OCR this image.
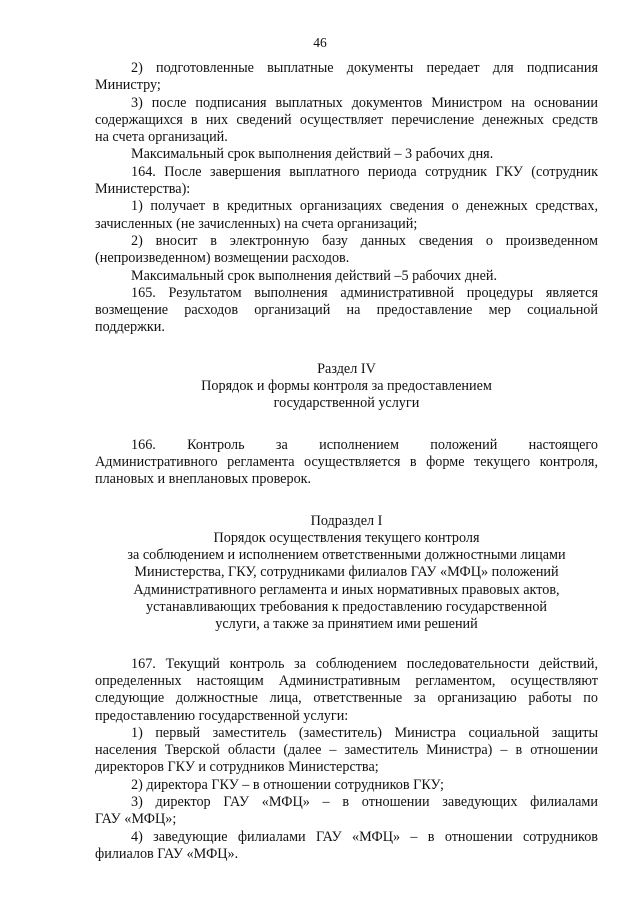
46
2) подготовленные выплатные документы передает для подписания
Министру;
3) после подписания выплатных документов Министром на основании
содержащихся в них сведений осуществляет перечисление денежных средств
на счета организаций.
Максимальный срок выполнения действий – 3 рабочих дня.
164. После завершения выплатного периода сотрудник ГКУ (сотрудник
Министерства):
1) получает в кредитных организациях сведения о денежных средствах,
зачисленных (не зачисленных) на счета организаций;
2) вносит в электронную базу данных сведения о произведенном
(непроизведенном) возмещении расходов.
Максимальный срок выполнения действий –5 рабочих дней.
165. Результатом выполнения административной процедуры является
возмещение расходов организаций на предоставление мер социальной
поддержки.
Раздел IV
Порядок и формы контроля за предоставлением
государственной услуги
166. Контроль за исполнением положений настоящего
Административного регламента осуществляется в форме текущего контроля,
плановых и внеплановых проверок.
Подраздел I
Порядок осуществления текущего контроля
за соблюдением и исполнением ответственными должностными лицами
Министерства, ГКУ, сотрудниками филиалов ГАУ «МФЦ» положений
Административного регламента и иных нормативных правовых актов,
устанавливающих требования к предоставлению государственной
услуги, а также за принятием ими решений
167. Текущий контроль за соблюдением последовательности действий,
определенных настоящим Административным регламентом, осуществляют
следующие должностные лица, ответственные за организацию работы по
предоставлению государственной услуги:
1) первый заместитель (заместитель) Министра социальной защиты
населения Тверской области (далее – заместитель Министра) – в отношении
директоров ГКУ и сотрудников Министерства;
2) директора ГКУ – в отношении сотрудников ГКУ;
3) директор ГАУ «МФЦ» – в отношении заведующих филиалами
ГАУ «МФЦ»;
4) заведующие филиалами ГАУ «МФЦ» – в отношении сотрудников
филиалов ГАУ «МФЦ».
